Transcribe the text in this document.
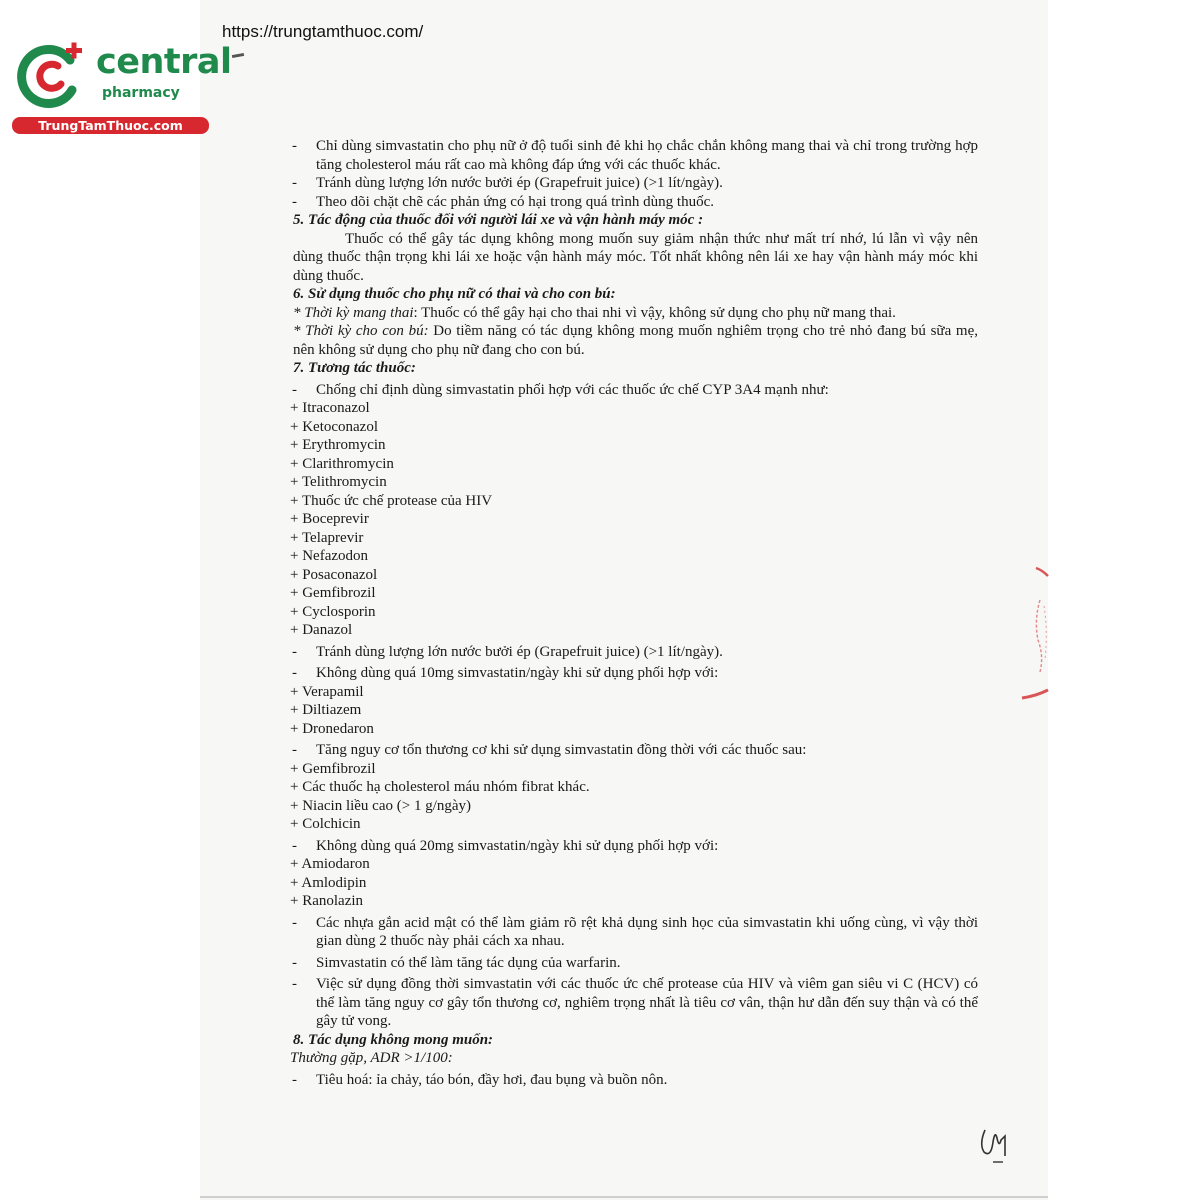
central
pharmacy
TrungTamThuoc.com
https://trungtamthuoc.com/
- Chỉ dùng simvastatin cho phụ nữ ở độ tuổi sinh đẻ khi họ chắc chắn không mang thai và chỉ trong trường hợp tăng cholesterol máu rất cao mà không đáp ứng với các thuốc khác.
- Tránh dùng lượng lớn nước bưởi ép (Grapefruit juice) (>1 lít/ngày).
- Theo dõi chặt chẽ các phản ứng có hại trong quá trình dùng thuốc.
5. Tác động của thuốc đối với người lái xe và vận hành máy móc :
Thuốc có thể gây tác dụng không mong muốn suy giảm nhận thức như mất trí nhớ, lú lẫn vì vậy nên dùng thuốc thận trọng khi lái xe hoặc vận hành máy móc. Tốt nhất không nên lái xe hay vận hành máy móc khi dùng thuốc.
6. Sử dụng thuốc cho phụ nữ có thai và cho con bú:
* Thời kỳ mang thai: Thuốc có thể gây hại cho thai nhi vì vậy, không sử dụng cho phụ nữ mang thai.
* Thời kỳ cho con bú: Do tiềm năng có tác dụng không mong muốn nghiêm trọng cho trẻ nhỏ đang bú sữa mẹ, nên không sử dụng cho phụ nữ đang cho con bú.
7. Tương tác thuốc:
- Chống chỉ định dùng simvastatin phối hợp với các thuốc ức chế CYP 3A4 mạnh như:
+ Itraconazol
+ Ketoconazol
+ Erythromycin
+ Clarithromycin
+ Telithromycin
+ Thuốc ức chế protease của HIV
+ Boceprevir
+ Telaprevir
+ Nefazodon
+ Posaconazol
+ Gemfibrozil
+ Cyclosporin
+ Danazol
- Tránh dùng lượng lớn nước bưởi ép (Grapefruit juice) (>1 lít/ngày).
- Không dùng quá 10mg simvastatin/ngày khi sử dụng phối hợp với:
+ Verapamil
+ Diltiazem
+ Dronedaron
- Tăng nguy cơ tổn thương cơ khi sử dụng simvastatin đồng thời với các thuốc sau:
+ Gemfibrozil
+ Các thuốc hạ cholesterol máu nhóm fibrat khác.
+ Niacin liều cao (> 1 g/ngày)
+ Colchicin
- Không dùng quá 20mg simvastatin/ngày khi sử dụng phối hợp với:
+ Amiodaron
+ Amlodipin
+ Ranolazin
- Các nhựa gắn acid mật có thể làm giảm rõ rệt khả dụng sinh học của simvastatin khi uống cùng, vì vậy thời gian dùng 2 thuốc này phải cách xa nhau.
- Simvastatin có thể làm tăng tác dụng của warfarin.
- Việc sử dụng đồng thời simvastatin với các thuốc ức chế protease của HIV và viêm gan siêu vi C (HCV) có thể làm tăng nguy cơ gây tổn thương cơ, nghiêm trọng nhất là tiêu cơ vân, thận hư dẫn đến suy thận và có thể gây tử vong.
8. Tác dụng không mong muốn:
Thường gặp, ADR >1/100:
- Tiêu hoá: ỉa chảy, táo bón, đầy hơi, đau bụng và buồn nôn.
